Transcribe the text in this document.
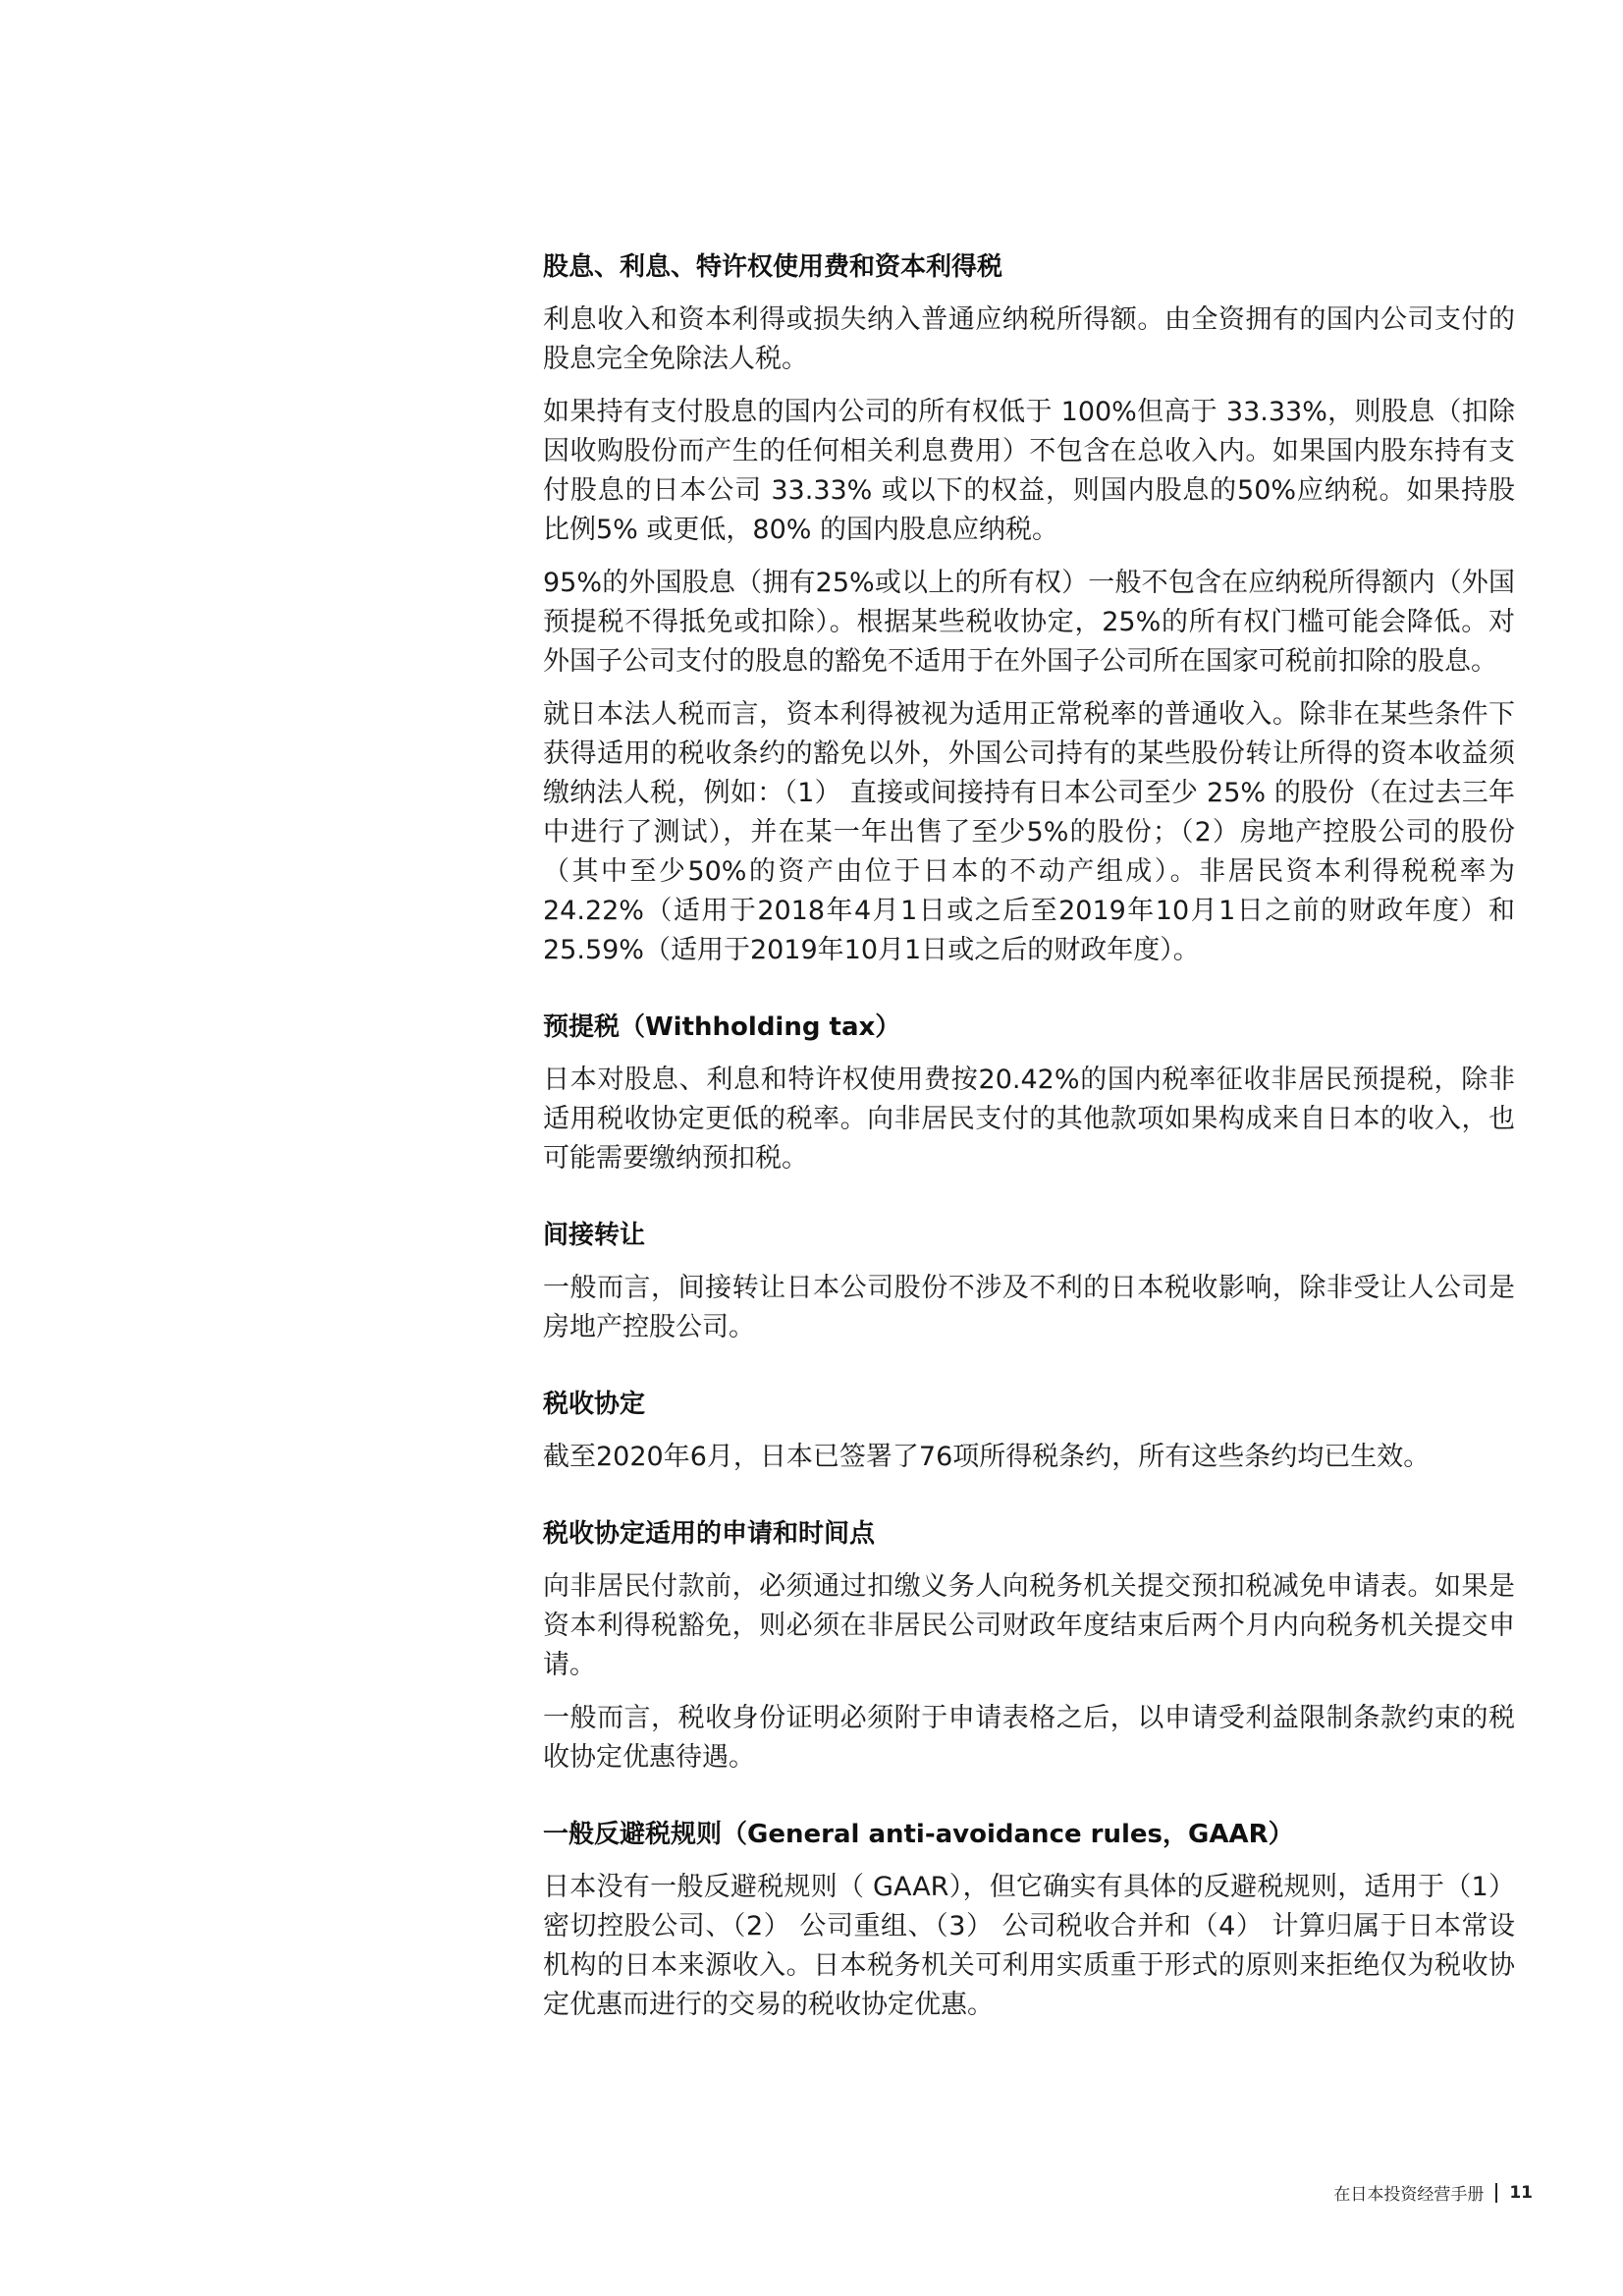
股息、利息、特许权使用费和资本利得税

利息收入和资本利得或损失纳入普通应纳税所得额。由全资拥有的国内公司支付的股息完全免除法人税。

如果持有支付股息的国内公司的所有权低于 100%但高于 33.33%，则股息（扣除因收购股份而产生的任何相关利息费用）不包含在总收入内。如果国内股东持有支付股息的日本公司 33.33% 或以下的权益，则国内股息的50%应纳税。如果持股比例5% 或更低，80% 的国内股息应纳税。

95%的外国股息（拥有25%或以上的所有权）一般不包含在应纳税所得额内（外国预提税不得抵免或扣除）。根据某些税收协定，25%的所有权门槛可能会降低。对外国子公司支付的股息的豁免不适用于在外国子公司所在国家可税前扣除的股息。

就日本法人税而言，资本利得被视为适用正常税率的普通收入。除非在某些条件下获得适用的税收条约的豁免以外，外国公司持有的某些股份转让所得的资本收益须缴纳法人税，例如：（1） 直接或间接持有日本公司至少 25% 的股份（在过去三年中进行了测试），并在某一年出售了至少5%的股份；（2）房地产控股公司的股份（其中至少50%的资产由位于日本的不动产组成）。非居民资本利得税税率为24.22%（适用于2018年4月1日或之后至2019年10月1日之前的财政年度）和25.59%（适用于2019年10月1日或之后的财政年度）。

预提税（Withholding tax）

日本对股息、利息和特许权使用费按20.42%的国内税率征收非居民预提税，除非适用税收协定更低的税率。向非居民支付的其他款项如果构成来自日本的收入，也可能需要缴纳预扣税。

间接转让

一般而言，间接转让日本公司股份不涉及不利的日本税收影响，除非受让人公司是房地产控股公司。

税收协定

截至2020年6月，日本已签署了76项所得税条约，所有这些条约均已生效。

税收协定适用的申请和时间点

向非居民付款前，必须通过扣缴义务人向税务机关提交预扣税减免申请表。如果是资本利得税豁免，则必须在非居民公司财政年度结束后两个月内向税务机关提交申请。

一般而言，税收身份证明必须附于申请表格之后，以申请受利益限制条款约束的税收协定优惠待遇。

一般反避税规则（General anti-avoidance rules，GAAR）

日本没有一般反避税规则（ GAAR），但它确实有具体的反避税规则，适用于（1）密切控股公司、（2） 公司重组、（3） 公司税收合并和（4） 计算归属于日本常设机构的日本来源收入。日本税务机关可利用实质重于形式的原则来拒绝仅为税收协定优惠而进行的交易的税收协定优惠。

在日本投资经营手册 11
